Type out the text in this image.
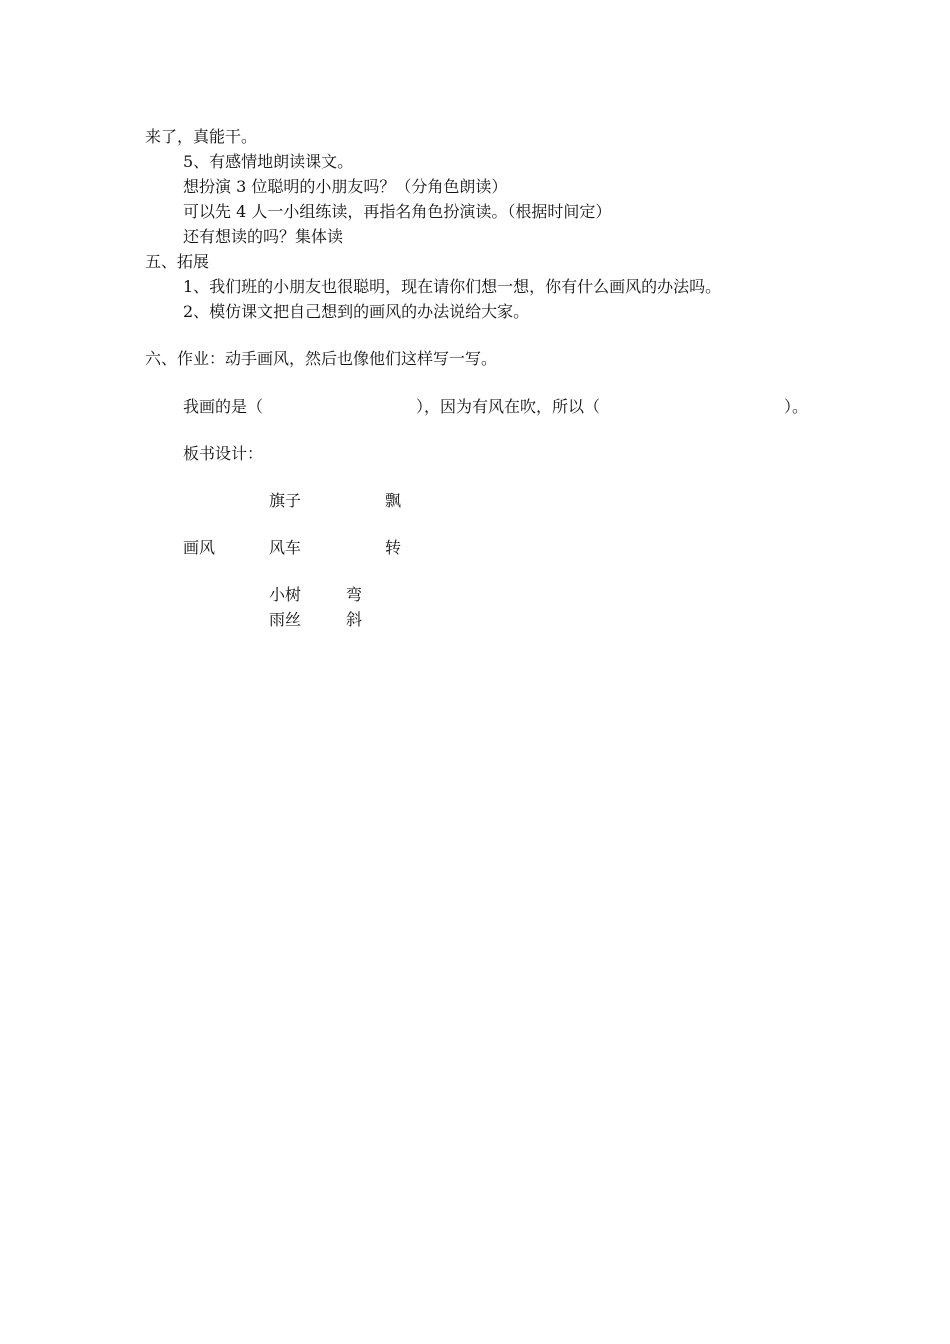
来了，真能干。

5、有感情地朗读课文。

想扮演 3 位聪明的小朋友吗？（分角色朗读）

可以先 4 人一小组练读，再指名角色扮演读。（根据时间定）

还有想读的吗？集体读

五、拓展

1、我们班的小朋友也很聪明，现在请你们想一想，你有什么画风的办法吗。

2、模仿课文把自己想到的画风的办法说给大家。

六、作业：动手画风，然后也像他们这样写一写。

我画的是（	），因为有风在吹，所以（	）。

板书设计：

画风
旗子	飘
风车	转
小树	弯
雨丝	斜
